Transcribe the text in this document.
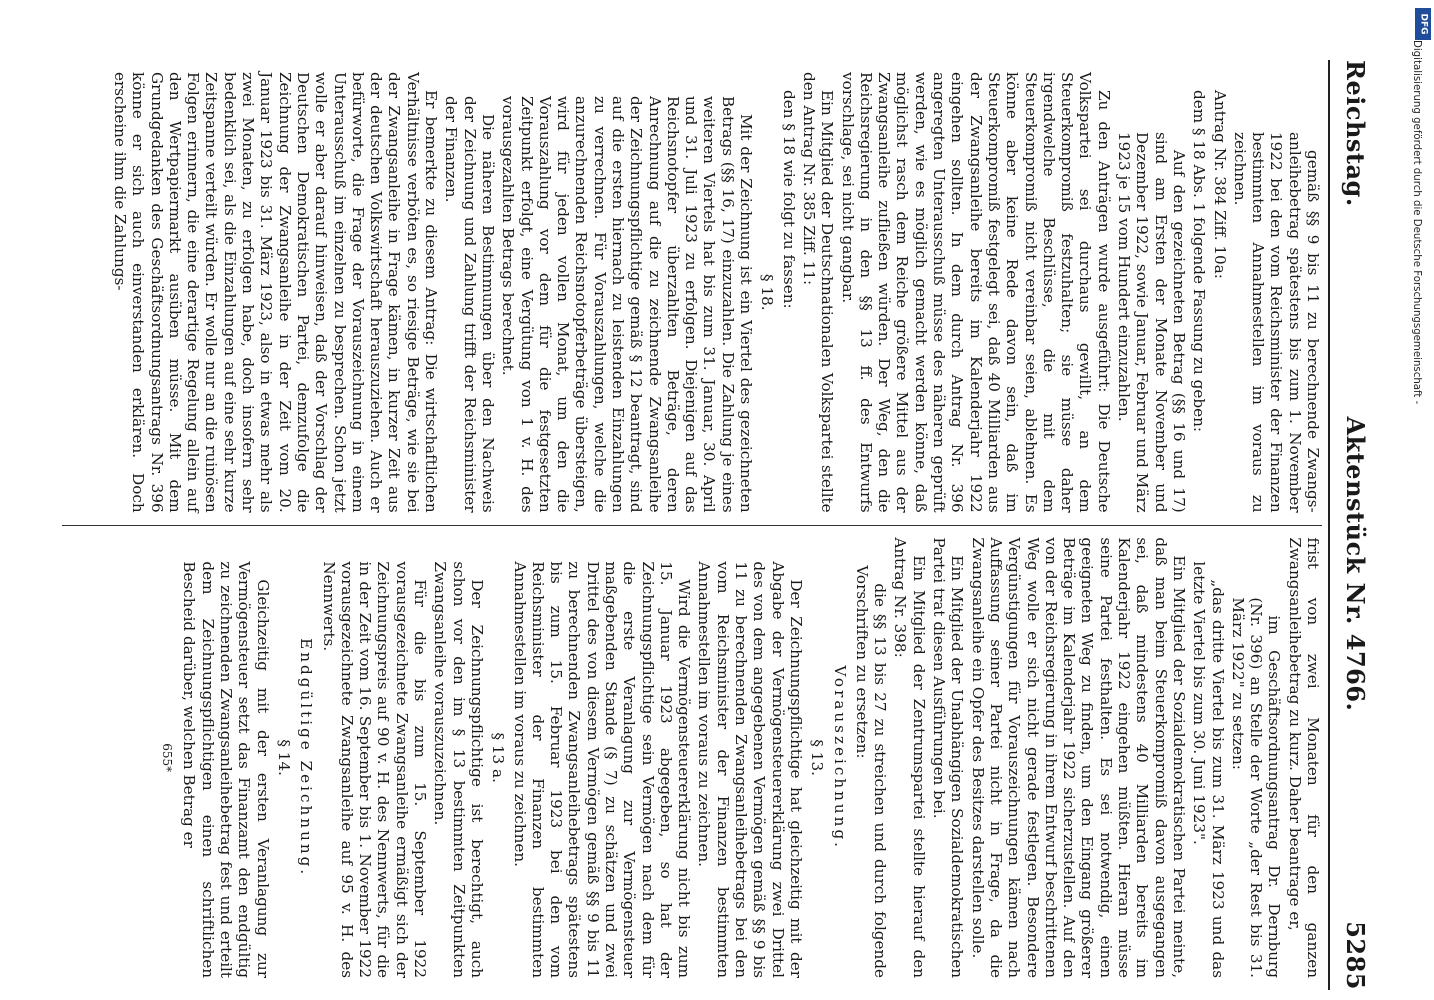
Reichstag.
Aktenstück Nr. 4766.
5285
gemäß §§ 9 bis 11 zu berechnende Zwangs-anleihebetrag spätestens bis zum 1. November 1922 bei den vom Reichsminister der Finanzen bestimmten Annahmestellen im voraus zu zeichnen.
Antrag Nr. 384 Ziff. 10a:
dem § 18 Abs. 1 folgende Fassung zu geben:
Auf den gezeichneten Betrag (§§ 16 und 17) sind am Ersten der Monate November und Dezember 1922, sowie Januar, Februar und März 1923 je 15 vom Hundert einzuzahlen.
Zu den Anträgen wurde ausgeführt: Die Deutsche Volkspartei sei durchaus gewillt, an dem Steuerkompromiß festzuhalten; sie müsse daher irgendwelche Beschlüsse, die mit dem Steuerkompromiß nicht vereinbar seien, ablehnen. Es könne aber keine Rede davon sein, daß im Steuerkompromiß festgelegt sei, daß 40 Milliarden aus der Zwangsanleihe bereits im Kalenderjahr 1922 eingehen sollten. In dem durch Antrag Nr. 396 angeregten Unterausschuß müsse des näheren geprüft werden, wie es möglich gemacht werden könne, daß möglichst rasch dem Reiche größere Mittel aus der Zwangsanleihe zufließen würden. Der Weg, den die Reichsregierung in den §§ 13 ff. des Entwurfs vorschlage, sei nicht gangbar.
Ein Mitglied der Deutschnationalen Volkspartei stellte den Antrag Nr. 385 Ziff. 11:
den § 18 wie folgt zu fassen:
§ 18.
Mit der Zeichnung ist ein Viertel des gezeichneten Betrags (§§ 16, 17) einzuzahlen. Die Zahlung je eines weiteren Viertels hat bis zum 31. Januar, 30. April und 31. Juli 1923 zu erfolgen. Diejenigen auf das Reichsnotopfer überzahlten Beträge, deren Anrechnung auf die zu zeichnende Zwangsanleihe der Zeichnungspflichtige gemäß § 12 beantragt, sind auf die ersten hiernach zu leistenden Einzahlungen zu verrechnen. Für Vorauszahlungen, welche die anzurechnenden Reichsnotopferbeträge übersteigen, wird für jeden vollen Monat, um den die Vorauszahlung vor dem für die festgesetzten Zeitpunkt erfolgt, eine Vergütung von 1 v. H. des vorausgezahlten Betrags berechnet.
Die näheren Bestimmungen über den Nachweis der Zeichnung und Zahlung trifft der Reichsminister der Finanzen.
Er bemerkte zu diesem Antrag: Die wirtschaftlichen Verhältnisse verböten es, so riesige Beträge, wie sie bei der Zwangsanleihe in Frage kämen, in kurzer Zeit aus der deutschen Volkswirtschaft herauszuziehen. Auch er befürworte, die Frage der Vorauszeichnung in einem Unterausschuß im einzelnen zu besprechen. Schon jetzt wolle er aber darauf hinweisen, daß der Vorschlag der Deutschen Demokratischen Partei, demzufolge die Zeichnung der Zwangsanleihe in der Zeit vom 20. Januar 1923 bis 31. März 1923, also in etwas mehr als zwei Monaten, zu erfolgen habe, doch insofern sehr bedenklich sei, als die Einzahlungen auf eine sehr kurze Zeitspanne verteilt würden. Er wolle nur an die ruinösen Folgen erinnern, die eine derartige Regelung allein auf den Wertpapiermarkt ausüben müsse. Mit dem Grundgedanken des Geschäftsordnungsantrags Nr. 396 könne er sich auch einverstanden erklären. Doch erscheine ihm die Zahlungs-
frist von zwei Monaten für den ganzen Zwangsanleihebetrag zu kurz. Daher beantrage er,
im Geschäftsordnungsantrag Dr. Dernburg (Nr. 396) an Stelle der Worte „der Rest bis 31. März 1922" zu setzen:
„das dritte Viertel bis zum 31. März 1923 und das letzte Viertel bis zum 30. Juni 1923".
Ein Mitglied der Sozialdemokratischen Partei meinte, daß man beim Steuerkompromiß davon ausgegangen sei, daß mindestens 40 Milliarden bereits im Kalenderjahr 1922 eingehen müßten. Hieran müsse seine Partei festhalten. Es sei notwendig, einen geeigneten Weg zu finden, um den Eingang größerer Beträge im Kalenderjahr 1922 sicherzustellen. Auf den von der Reichsregierung in ihrem Entwurf beschrittenen Weg wolle er sich nicht gerade festlegen. Besondere Vergünstigungen für Vorauszeichnungen kämen nach Auffassung seiner Partei nicht in Frage, da die Zwangsanleihe ein Opfer des Besitzes darstellen solle.
Ein Mitglied der Unabhängigen Sozialdemokratischen Partei trat diesen Ausführungen bei.
Ein Mitglied der Zentrumspartei stellte hierauf den Antrag Nr. 398:
die §§ 13 bis 27 zu streichen und durch folgende Vorschriften zu ersetzen:
Vorauszeichnung.
§ 13.
Der Zeichnungspflichtige hat gleichzeitig mit der Abgabe der Vermögensteuererklärung zwei Drittel des von dem angegebenen Vermögen gemäß §§ 9 bis 11 zu berechnenden Zwangsanleihebetrags bei den vom Reichsminister der Finanzen bestimmten Annahmestellen im voraus zu zeichnen.
Wird die Vermögensteuererklärung nicht bis zum 15. Januar 1923 abgegeben, so hat der Zeichnungspflichtige sein Vermögen nach dem für die erste Veranlagung zur Vermögensteuer maßgebenden Stande (§ 7) zu schätzen und zwei Drittel des von diesem Vermögen gemäß §§ 9 bis 11 zu berechnenden Zwangsanleihebetrags spätestens bis zum 15. Februar 1923 bei den vom Reichsminister der Finanzen bestimmten Annahmestellen im voraus zu zeichnen.
§ 13 a.
Der Zeichnungspflichtige ist berechtigt, auch schon vor den im § 13 bestimmten Zeitpunkten Zwangsanleihe vorauszuzeichnen.
Für die bis zum 15. September 1922 vorausgezeichnete Zwangsanleihe ermäßigt sich der Zeichnungspreis auf 90 v. H. des Nennwerts, für die in der Zeit vom 16. September bis 1. November 1922 vorausgezeichnete Zwangsanleihe auf 95 v. H. des Nennwerts.
Endgültige Zeichnung.
§ 14.
Gleichzeitig mit der ersten Veranlagung zur Vermögensteuer setzt das Finanzamt den endgültig zu zeichnenden Zwangsanleihebetrag fest und erteilt dem Zeichnungspflichtigen einen schriftlichen Bescheid darüber, welchen Betrag er
655*
DFG
Digitalisierung gefördert durch die Deutsche Forschungsgemeinschaft -
